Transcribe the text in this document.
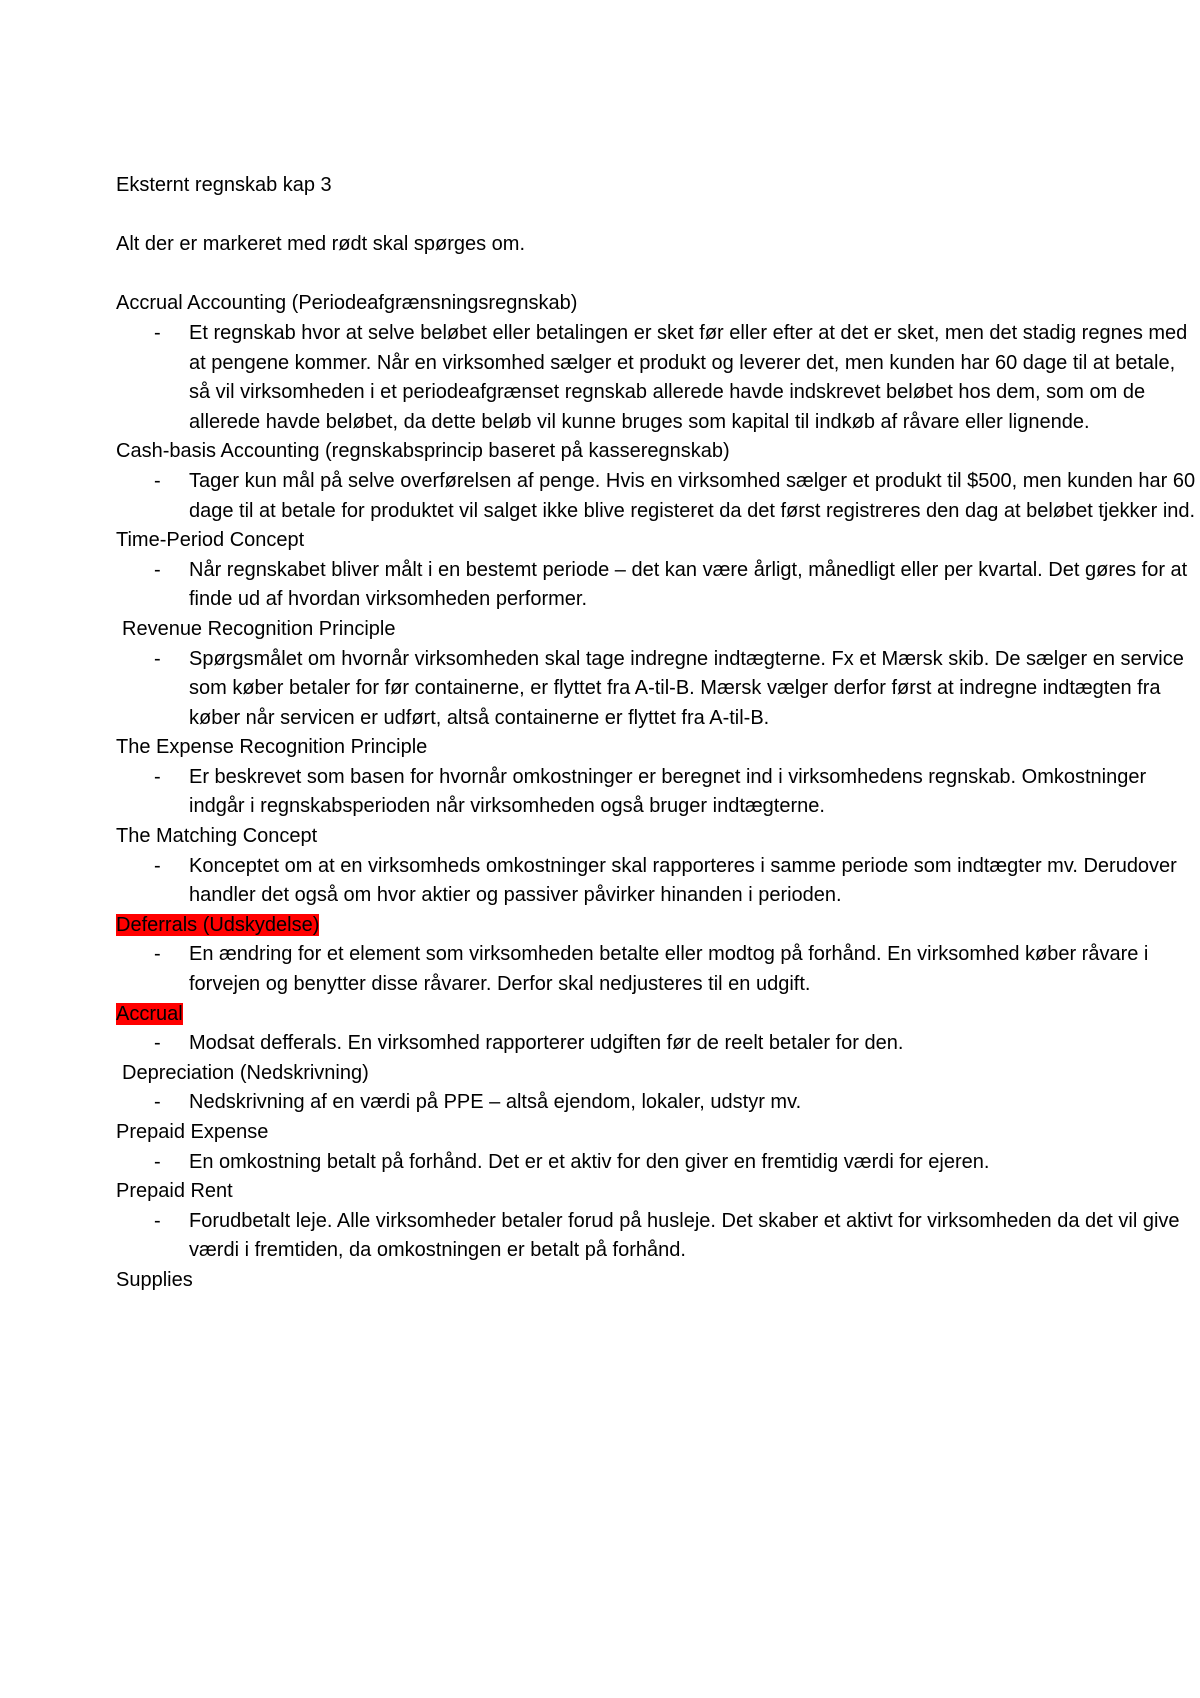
Eksternt regnskab kap 3

Alt der er markeret med rødt skal spørges om.

Accrual Accounting (Periodeafgrænsningsregnskab)

- Et regnskab hvor at selve beløbet eller betalingen er sket før eller efter at det er sket, men det stadig regnes med at pengene kommer. Når en virksomhed sælger et produkt og leverer det, men kunden har 60 dage til at betale, så vil virksomheden i et periodeafgrænset regnskab allerede havde indskrevet beløbet hos dem, som om de allerede havde beløbet, da dette beløb vil kunne bruges som kapital til indkøb af råvare eller lignende.

Cash-basis Accounting (regnskabsprincip baseret på kasseregnskab)

- Tager kun mål på selve overførelsen af penge. Hvis en virksomhed sælger et produkt til $500, men kunden har 60 dage til at betale for produktet vil salget ikke blive registeret da det først registreres den dag at beløbet tjekker ind.

Time-Period Concept

- Når regnskabet bliver målt i en bestemt periode – det kan være årligt, månedligt eller per kvartal. Det gøres for at finde ud af hvordan virksomheden performer.

Revenue Recognition Principle

- Spørgsmålet om hvornår virksomheden skal tage indregne indtægterne. Fx et Mærsk skib. De sælger en service som køber betaler for før containerne, er flyttet fra A-til-B. Mærsk vælger derfor først at indregne indtægten fra køber når servicen er udført, altså containerne er flyttet fra A-til-B.

The Expense Recognition Principle

- Er beskrevet som basen for hvornår omkostninger er beregnet ind i virksomhedens regnskab. Omkostninger indgår i regnskabsperioden når virksomheden også bruger indtægterne.

The Matching Concept

- Konceptet om at en virksomheds omkostninger skal rapporteres i samme periode som indtægter mv. Derudover handler det også om hvor aktier og passiver påvirker hinanden i perioden.

Deferrals (Udskydelse)

- En ændring for et element som virksomheden betalte eller modtog på forhånd. En virksomhed køber råvare i forvejen og benytter disse råvarer. Derfor skal nedjusteres til en udgift.

Accrual

- Modsat defferals. En virksomhed rapporterer udgiften før de reelt betaler for den.

Depreciation (Nedskrivning)

- Nedskrivning af en værdi på PPE – altså ejendom, lokaler, udstyr mv.

Prepaid Expense

- En omkostning betalt på forhånd. Det er et aktiv for den giver en fremtidig værdi for ejeren.

Prepaid Rent

- Forudbetalt leje. Alle virksomheder betaler forud på husleje. Det skaber et aktivt for virksomheden da det vil give værdi i fremtiden, da omkostningen er betalt på forhånd.

Supplies
